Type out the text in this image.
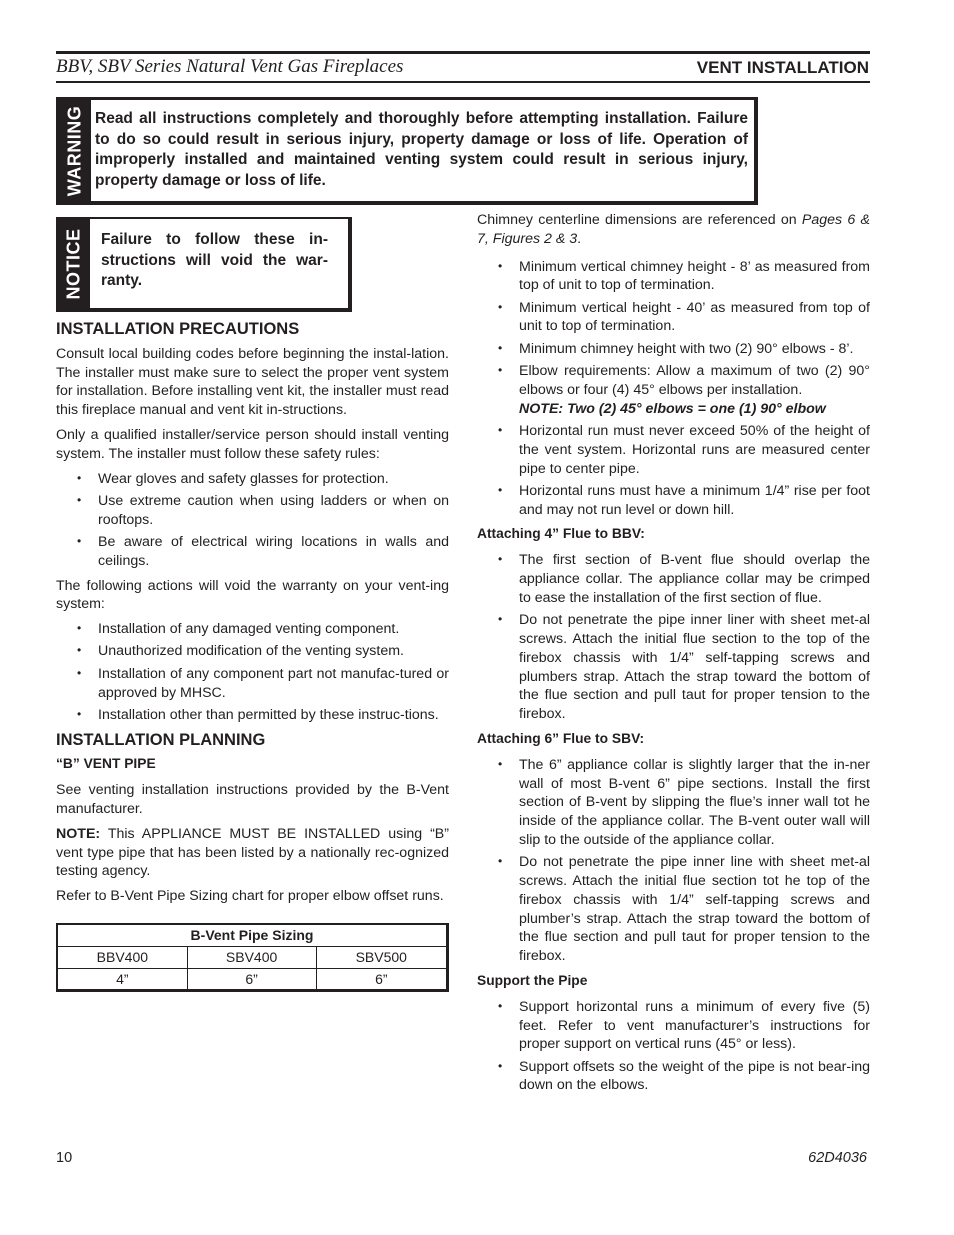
BBV, SBV Series Natural Vent Gas Fireplaces	VENT INSTALLATION
WARNING Read all instructions completely and thoroughly before attempting installation. Failure to do so could result in serious injury, property damage or loss of life. Operation of improperly installed and maintained venting system could result in serious injury, property damage or loss of life.
NOTICE Failure to follow these in-structions will void the war-ranty.
INSTALLATION PRECAUTIONS

Consult local building codes before beginning the instal-lation. The installer must make sure to select the proper vent system for installation. Before installing vent kit, the installer must read this fireplace manual and vent kit in-structions.

Only a qualified installer/service person should install venting system. The installer must follow these safety rules:

• Wear gloves and safety glasses for protection.
• Use extreme caution when using ladders or when on rooftops.
• Be aware of electrical wiring locations in walls and ceilings.

The following actions will void the warranty on your vent-ing system:

• Installation of any damaged venting component.
• Unauthorized modification of the venting system.
• Installation of any component part not manufac-tured or approved by MHSC.
• Installation other than permitted by these instruc-tions.
INSTALLATION PLANNING
“B” VENT PIPE

See venting installation instructions provided by the B-Vent manufacturer.

NOTE: This APPLIANCE MUST BE INSTALLED using “B” vent type pipe that has been listed by a nationally rec-ognized testing agency.

Refer to B-Vent Pipe Sizing chart for proper elbow offset runs.

B-Vent Pipe Sizing		
BBV400	SBV400	SBV500
4”	6”	6”

Chimney centerline dimensions are referenced on Pages 6 & 7, Figures 2 & 3.

• Minimum vertical chimney height - 8’ as measured from top of unit to top of termination.
• Minimum vertical height - 40’ as measured from top of unit to top of termination.
• Minimum chimney height with two (2) 90° elbows - 8’.
• Elbow requirements: Allow a maximum of two (2) 90° elbows or four (4) 45° elbows per installation.
NOTE: Two (2) 45° elbows = one (1) 90° elbow
• Horizontal run must never exceed 50% of the height of the vent system. Horizontal runs are measured center pipe to center pipe.
• Horizontal runs must have a minimum 1/4” rise per foot and may not run level or down hill.
Attaching 4” Flue to BBV:
• The first section of B-vent flue should overlap the appliance collar. The appliance collar may be crimped to ease the installation of the first section of flue.
• Do not penetrate the pipe inner liner with sheet met-al screws. Attach the initial flue section to the top of the firebox chassis with 1/4” self-tapping screws and plumbers strap. Attach the strap toward the bottom of the flue section and pull taut for proper tension to the firebox.
Attaching 6” Flue to SBV:
• The 6” appliance collar is slightly larger that the in-ner wall of most B-vent 6” pipe sections. Install the first section of B-vent by slipping the flue’s inner wall tot he inside of the appliance collar. The B-vent outer wall will slip to the outside of the appliance collar.
• Do not penetrate the pipe inner line with sheet met-al screws. Attach the initial flue section tot he top of the firebox chassis with 1/4” self-tapping screws and plumber’s strap. Attach the strap toward the bottom of the flue section and pull taut for proper tension to the firebox.
Support the Pipe
• Support horizontal runs a minimum of every five (5) feet. Refer to vent manufacturer’s instructions for proper support on vertical runs (45° or less).
• Support offsets so the weight of the pipe is not bear-ing down on the elbows.
10	62D4036
